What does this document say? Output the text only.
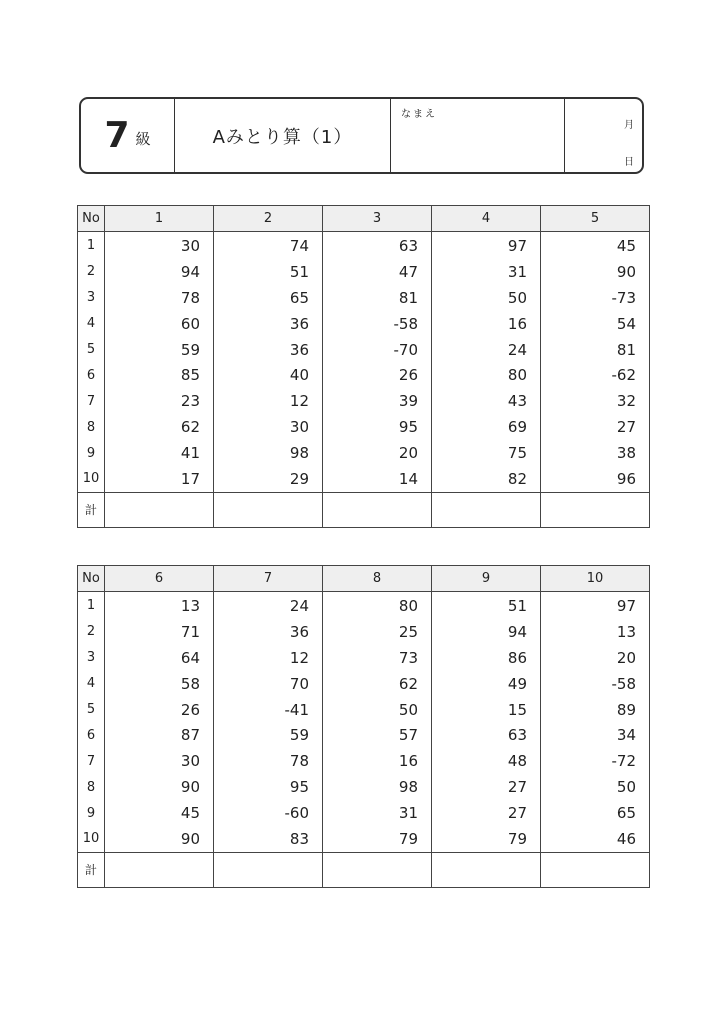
7 級	Aみとり算（1）
なまえ
月
日
No	1	2	3	4	5
1	30	74	63	97	45
2	94	51	47	31	90
3	78	65	81	50	-73
4	60	36	-58	16	54
5	59	36	-70	24	81
6	85	40	26	80	-62
7	23	12	39	43	32
8	62	30	95	69	27
9	41	98	20	75	38
10	17	29	14	82	96
計					
No	6	7	8	9	10
1	13	24	80	51	97
2	71	36	25	94	13
3	64	12	73	86	20
4	58	70	62	49	-58
5	26	-41	50	15	89
6	87	59	57	63	34
7	30	78	16	48	-72
8	90	95	98	27	50
9	45	-60	31	27	65
10	90	83	79	79	46
計					
